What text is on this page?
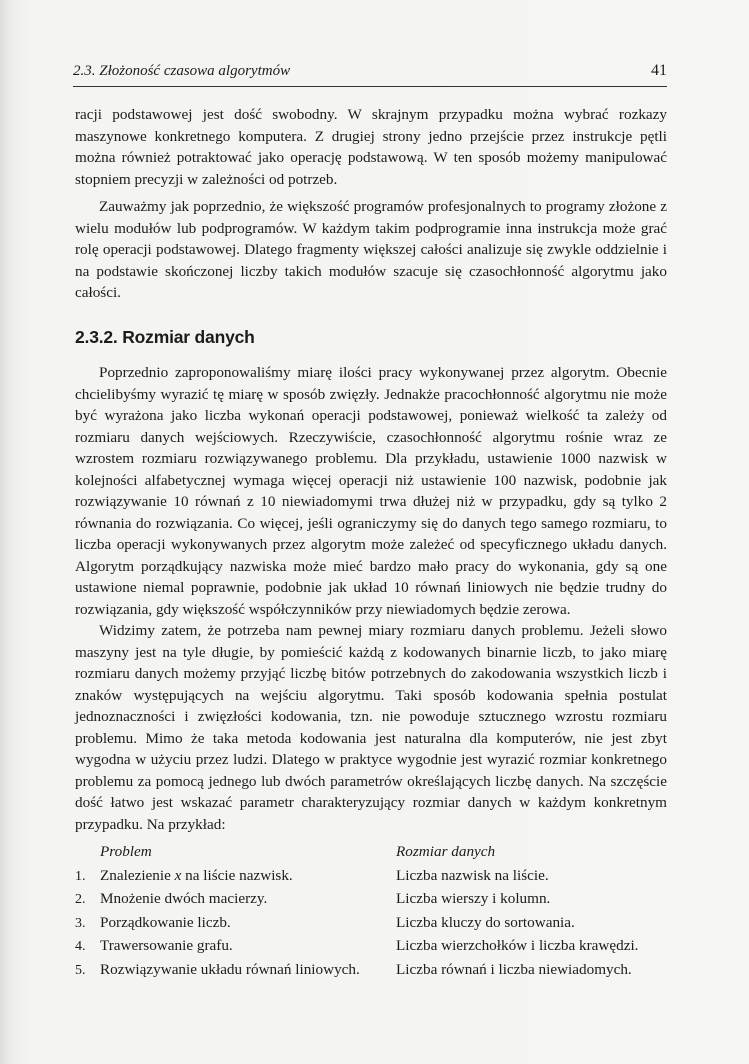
2.3. Złożoność czasowa algorytmów	41

racji podstawowej jest dość swobodny. W skrajnym przypadku można wybrać rozkazy maszynowe konkretnego komputera. Z drugiej strony jedno przejście przez instrukcje pętli można również potraktować jako operację podstawową. W ten sposób możemy manipulować stopniem precyzji w zależności od potrzeb.

Zauważmy jak poprzednio, że większość programów profesjonalnych to programy złożone z wielu modułów lub podprogramów. W każdym takim podprogramie inna instrukcja może grać rolę operacji podstawowej. Dlatego fragmenty większej całości analizuje się zwykle oddzielnie i na podstawie skończonej liczby takich modułów szacuje się czasochłonność algorytmu jako całości.

2.3.2. Rozmiar danych

Poprzednio zaproponowaliśmy miarę ilości pracy wykonywanej przez algorytm. Obecnie chcielibyśmy wyrazić tę miarę w sposób zwięzły. Jednakże pracochłonność algorytmu nie może być wyrażona jako liczba wykonań operacji podstawowej, ponieważ wielkość ta zależy od rozmiaru danych wejściowych. Rzeczywiście, czasochłonność algorytmu rośnie wraz ze wzrostem rozmiaru rozwiązywanego problemu. Dla przykładu, ustawienie 1000 nazwisk w kolejności alfabetycznej wymaga więcej operacji niż ustawienie 100 nazwisk, podobnie jak rozwiązywanie 10 równań z 10 niewiadomymi trwa dłużej niż w przypadku, gdy są tylko 2 równania do rozwiązania. Co więcej, jeśli ograniczymy się do danych tego samego rozmiaru, to liczba operacji wykonywanych przez algorytm może zależeć od specyficznego układu danych. Algorytm porządkujący nazwiska może mieć bardzo mało pracy do wykonania, gdy są one ustawione niemal poprawnie, podobnie jak układ 10 równań liniowych nie będzie trudny do rozwiązania, gdy większość współczynników przy niewiadomych będzie zerowa.

Widzimy zatem, że potrzeba nam pewnej miary rozmiaru danych problemu. Jeżeli słowo maszyny jest na tyle długie, by pomieścić każdą z kodowanych binarnie liczb, to jako miarę rozmiaru danych możemy przyjąć liczbę bitów potrzebnych do zakodowania wszystkich liczb i znaków występujących na wejściu algorytmu. Taki sposób kodowania spełnia postulat jednoznaczności i zwięzłości kodowania, tzn. nie powoduje sztucznego wzrostu rozmiaru problemu. Mimo że taka metoda kodowania jest naturalna dla komputerów, nie jest zbyt wygodna w użyciu przez ludzi. Dlatego w praktyce wygodnie jest wyrazić rozmiar konkretnego problemu za pomocą jednego lub dwóch parametrów określających liczbę danych. Na szczęście dość łatwo jest wskazać parametr charakteryzujący rozmiar danych w każdym konkretnym przypadku. Na przykład:

	Problem	Rozmiar danych
1.	Znalezienie x na liście nazwisk.	Liczba nazwisk na liście.
2.	Mnożenie dwóch macierzy.	Liczba wierszy i kolumn.
3.	Porządkowanie liczb.	Liczba kluczy do sortowania.
4.	Trawersowanie grafu.	Liczba wierzchołków i liczba krawędzi.
5.	Rozwiązywanie układu równań liniowych.	Liczba równań i liczba niewiadomych.
